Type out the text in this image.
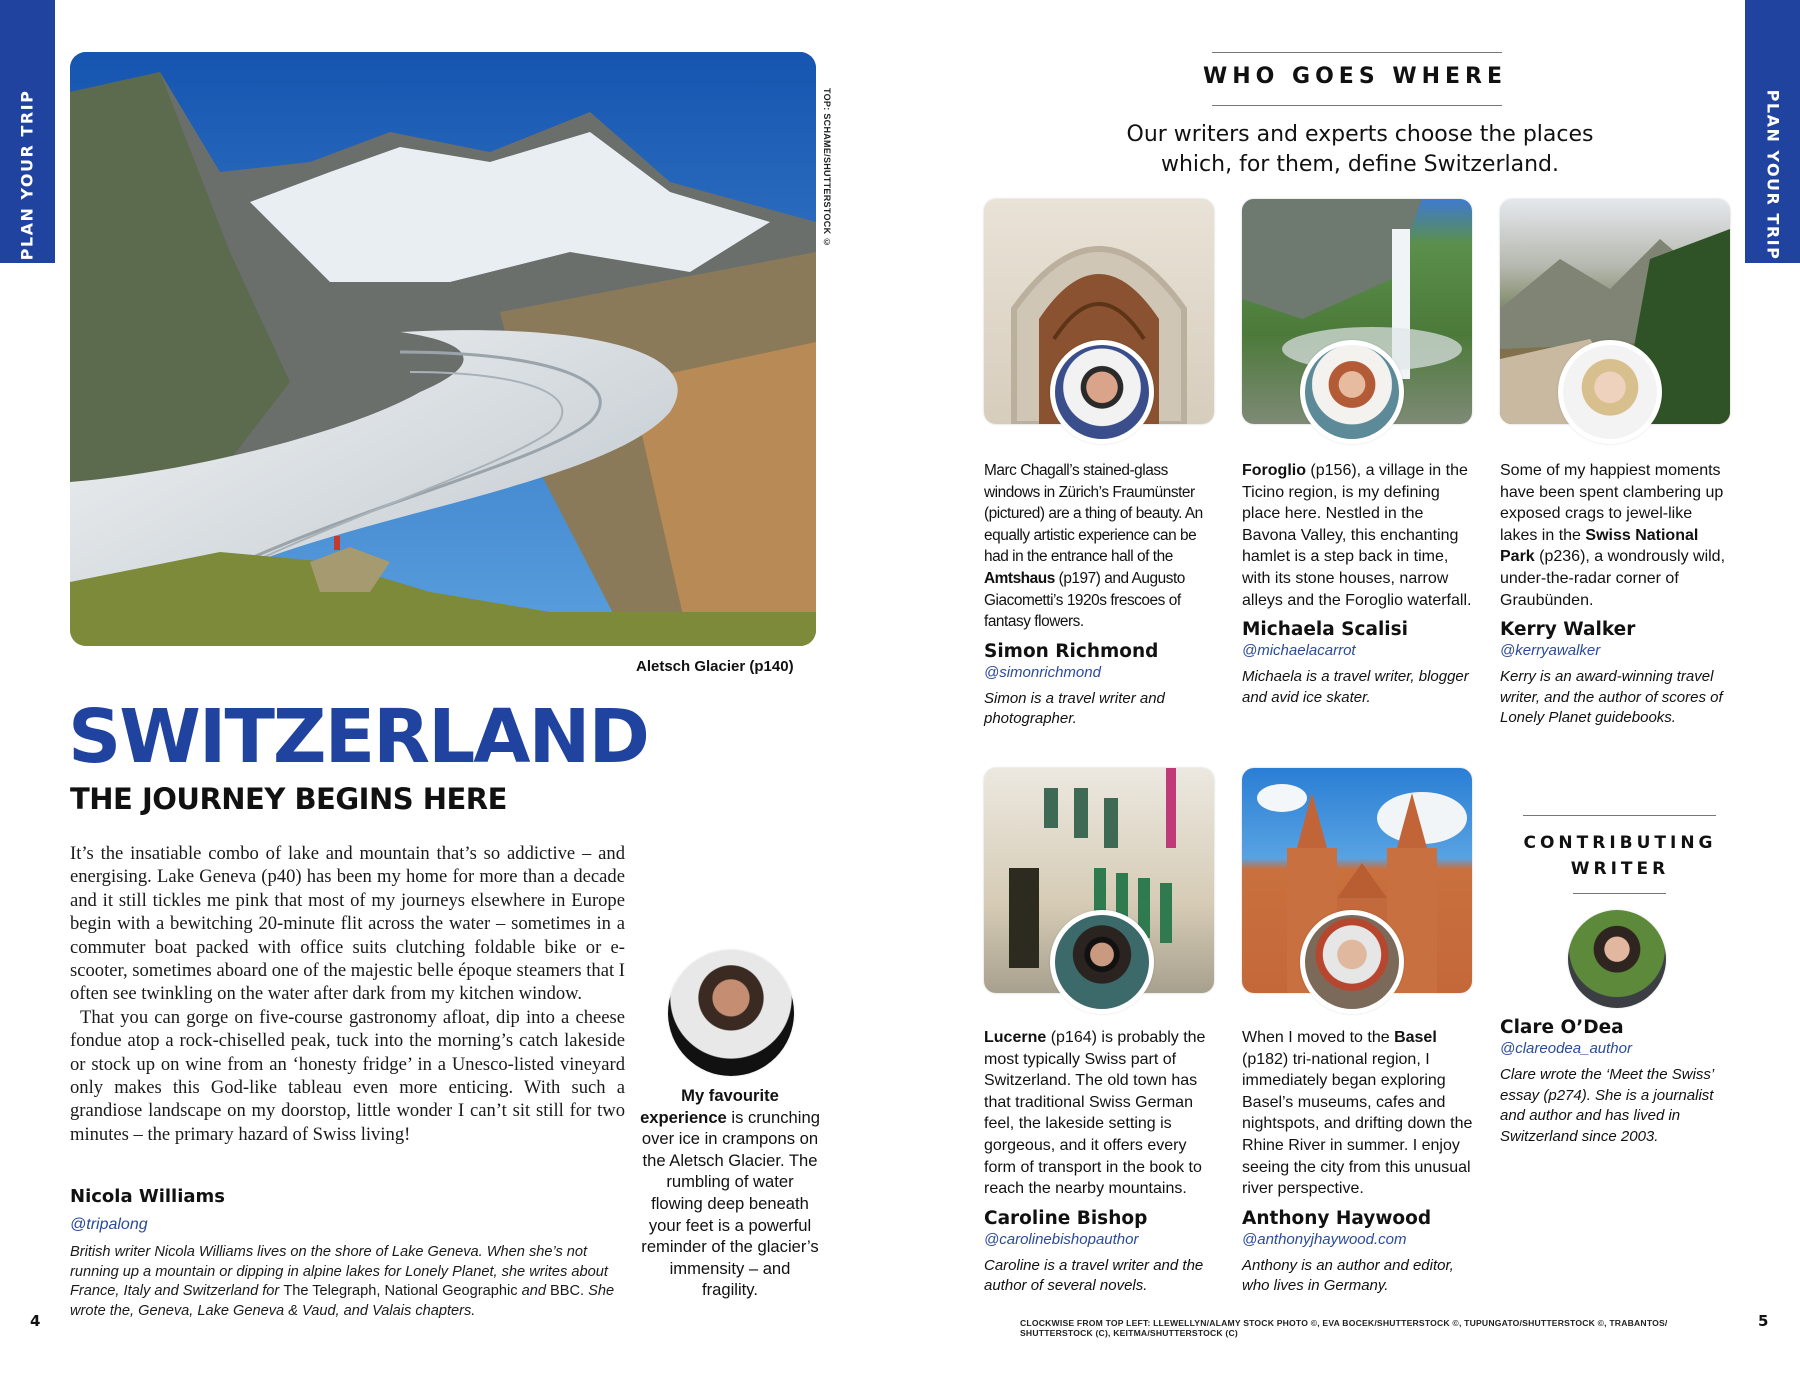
PLAN YOUR TRIP	PLAN YOUR TRIP
TOP: SCHAME/SHUTTERSTOCK ©
Aletsch Glacier (p140)
SWITZERLAND
THE JOURNEY BEGINS HERE

It’s the insatiable combo of lake and mountain that’s so addictive – and energising. Lake Geneva (p40) has been my home for more than a decade and it still tickles me pink that most of my journeys elsewhere in Europe begin with a bewitching 20-minute flit across the water – sometimes in a commuter boat packed with office suits clutching foldable bike or e-scooter, sometimes aboard one of the majestic belle époque steamers that I often see twinkling on the water after dark from my kitchen window.

That you can gorge on five-course gastronomy afloat, dip into a cheese fondue atop a rock-chiselled peak, tuck into the morning’s catch lakeside or stock up on wine from an ‘honesty fridge’ in a Unesco-listed vineyard only makes this God-like tableau even more enticing. With such a grandiose landscape on my doorstop, little wonder I can’t sit still for two minutes – the primary hazard of Swiss living!

Nicola Williams
@tripalong
British writer Nicola Williams lives on the shore of Lake Geneva. When she’s not running up a mountain or dipping in alpine lakes for Lonely Planet, she writes about France, Italy and Switzerland for The Telegraph, National Geographic and BBC. She wrote the, Geneva, Lake Geneva & Vaud, and Valais chapters.
My favourite experience is crunching over ice in crampons on the Aletsch Glacier. The rumbling of water flowing deep beneath your feet is a powerful reminder of the glacier’s immensity – and fragility.
4
WHO GOES WHERE
Our writers and experts choose the places
which, for them, define Switzerland.
Marc Chagall’s stained-glass windows in Zürich’s Fraumünster (pictured) are a thing of beauty. An equally artistic experience can be had in the entrance hall of the Amtshaus (p197) and Augusto Giacometti’s 1920s frescoes of fantasy flowers.
Simon Richmond
@simonrichmond
Simon is a travel writer and photographer.
Foroglio (p156), a village in the Ticino region, is my defining place here. Nestled in the Bavona Valley, this enchanting hamlet is a step back in time, with its stone houses, narrow alleys and the Foroglio waterfall.
Michaela Scalisi
@michaelacarrot
Michaela is a travel writer, blogger and avid ice skater.
Some of my happiest moments have been spent clambering up exposed crags to jewel-like lakes in the Swiss National Park (p236), a wondrously wild, under-the-radar corner of Graubünden.
Kerry Walker
@kerryawalker
Kerry is an award-winning travel writer, and the author of scores of Lonely Planet guidebooks.
Lucerne (p164) is probably the most typically Swiss part of Switzerland. The old town has that traditional Swiss German feel, the lakeside setting is gorgeous, and it offers every form of transport in the book to reach the nearby mountains.
Caroline Bishop
@carolinebishopauthor
Caroline is a travel writer and the author of several novels.
When I moved to the Basel (p182) tri-national region, I immediately began exploring Basel’s museums, cafes and nightspots, and drifting down the Rhine River in summer. I enjoy seeing the city from this unusual river perspective.
Anthony Haywood
@anthonyjhaywood.com
Anthony is an author and editor, who lives in Germany.
CONTRIBUTING
WRITER
Clare O’Dea
@clareodea_author
Clare wrote the ‘Meet the Swiss’ essay (p274). She is a journalist and author and has lived in Switzerland since 2003.
CLOCKWISE FROM TOP LEFT: LLEWELLYN/ALAMY STOCK PHOTO ©, EVA BOCEK/SHUTTERSTOCK ©, TUPUNGATO/SHUTTERSTOCK ©, TRABANTOS/ SHUTTERSTOCK (C), KEITMA/SHUTTERSTOCK (C)
5
